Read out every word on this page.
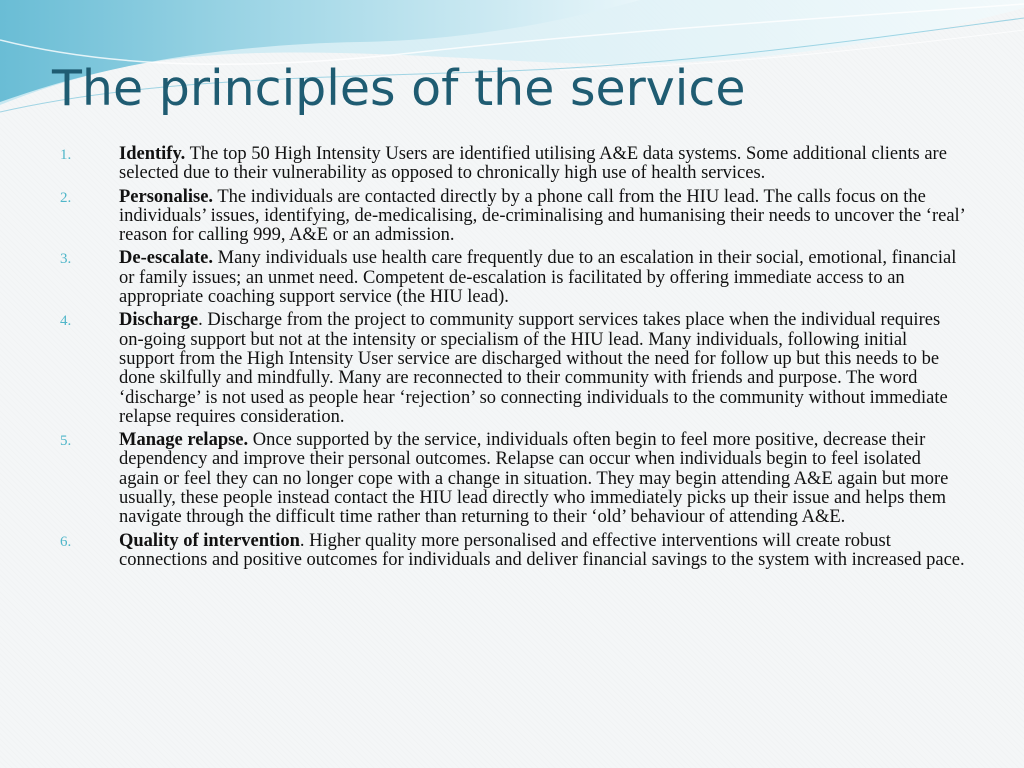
The principles of the service
1.	Identify. The top 50 High Intensity Users are identified utilising A&E data systems. Some additional clients are selected due to their vulnerability as opposed to chronically high use of health services.
2.	Personalise. The individuals are contacted directly by a phone call from the HIU lead. The calls focus on the individuals’ issues, identifying, de-medicalising, de-criminalising and humanising their needs to uncover the ‘real’ reason for calling 999, A&E or an admission.
3.	De-escalate. Many individuals use health care frequently due to an escalation in their social, emotional, financial or family issues; an unmet need. Competent de-escalation is facilitated by offering immediate access to an appropriate coaching support service (the HIU lead).
4.	Discharge. Discharge from the project to community support services takes place when the individual requires on-going support but not at the intensity or specialism of the HIU lead. Many individuals, following initial support from the High Intensity User service are discharged without the need for follow up but this needs to be done skilfully and mindfully. Many are reconnected to their community with friends and purpose. The word ‘discharge’ is not used as people hear ‘rejection’ so connecting individuals to the community without immediate relapse requires consideration.
5.	Manage relapse. Once supported by the service, individuals often begin to feel more positive, decrease their dependency and improve their personal outcomes. Relapse can occur when individuals begin to feel isolated again or feel they can no longer cope with a change in situation. They may begin attending A&E again but more usually, these people instead contact the HIU lead directly who immediately picks up their issue and helps them navigate through the difficult time rather than returning to their ‘old’ behaviour of attending A&E.
6.	Quality of intervention. Higher quality more personalised and effective interventions will create robust connections and positive outcomes for individuals and deliver financial savings to the system with increased pace.
